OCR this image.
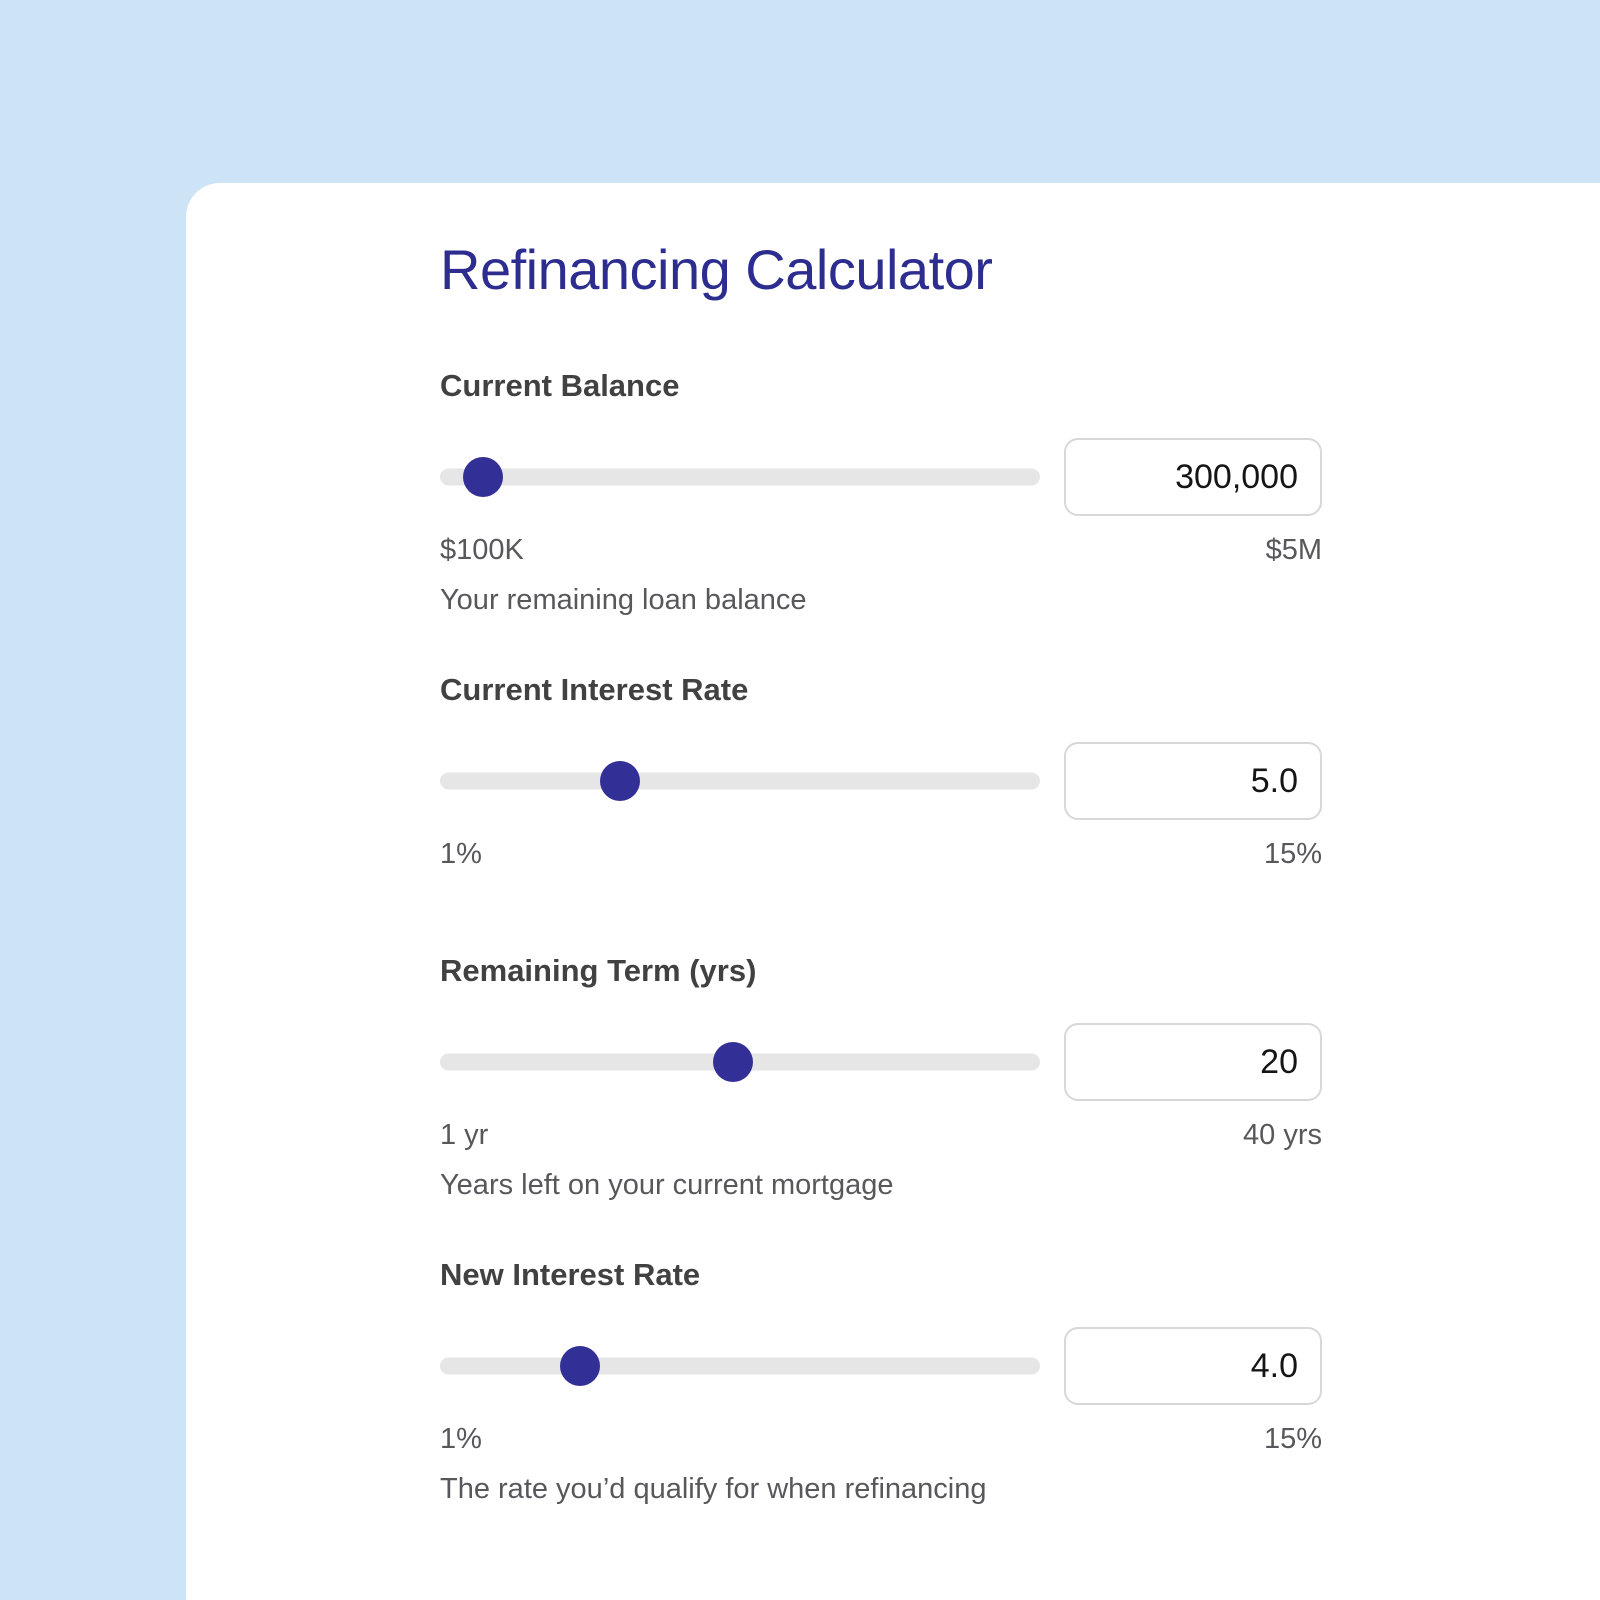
Refinancing Calculator
Current Balance
300,000
$100K	$5M
Your remaining loan balance
Current Interest Rate
5.0
1%	15%
Remaining Term (yrs)
20
1 yr	40 yrs
Years left on your current mortgage
New Interest Rate
4.0
1%	15%
The rate you’d qualify for when refinancing
